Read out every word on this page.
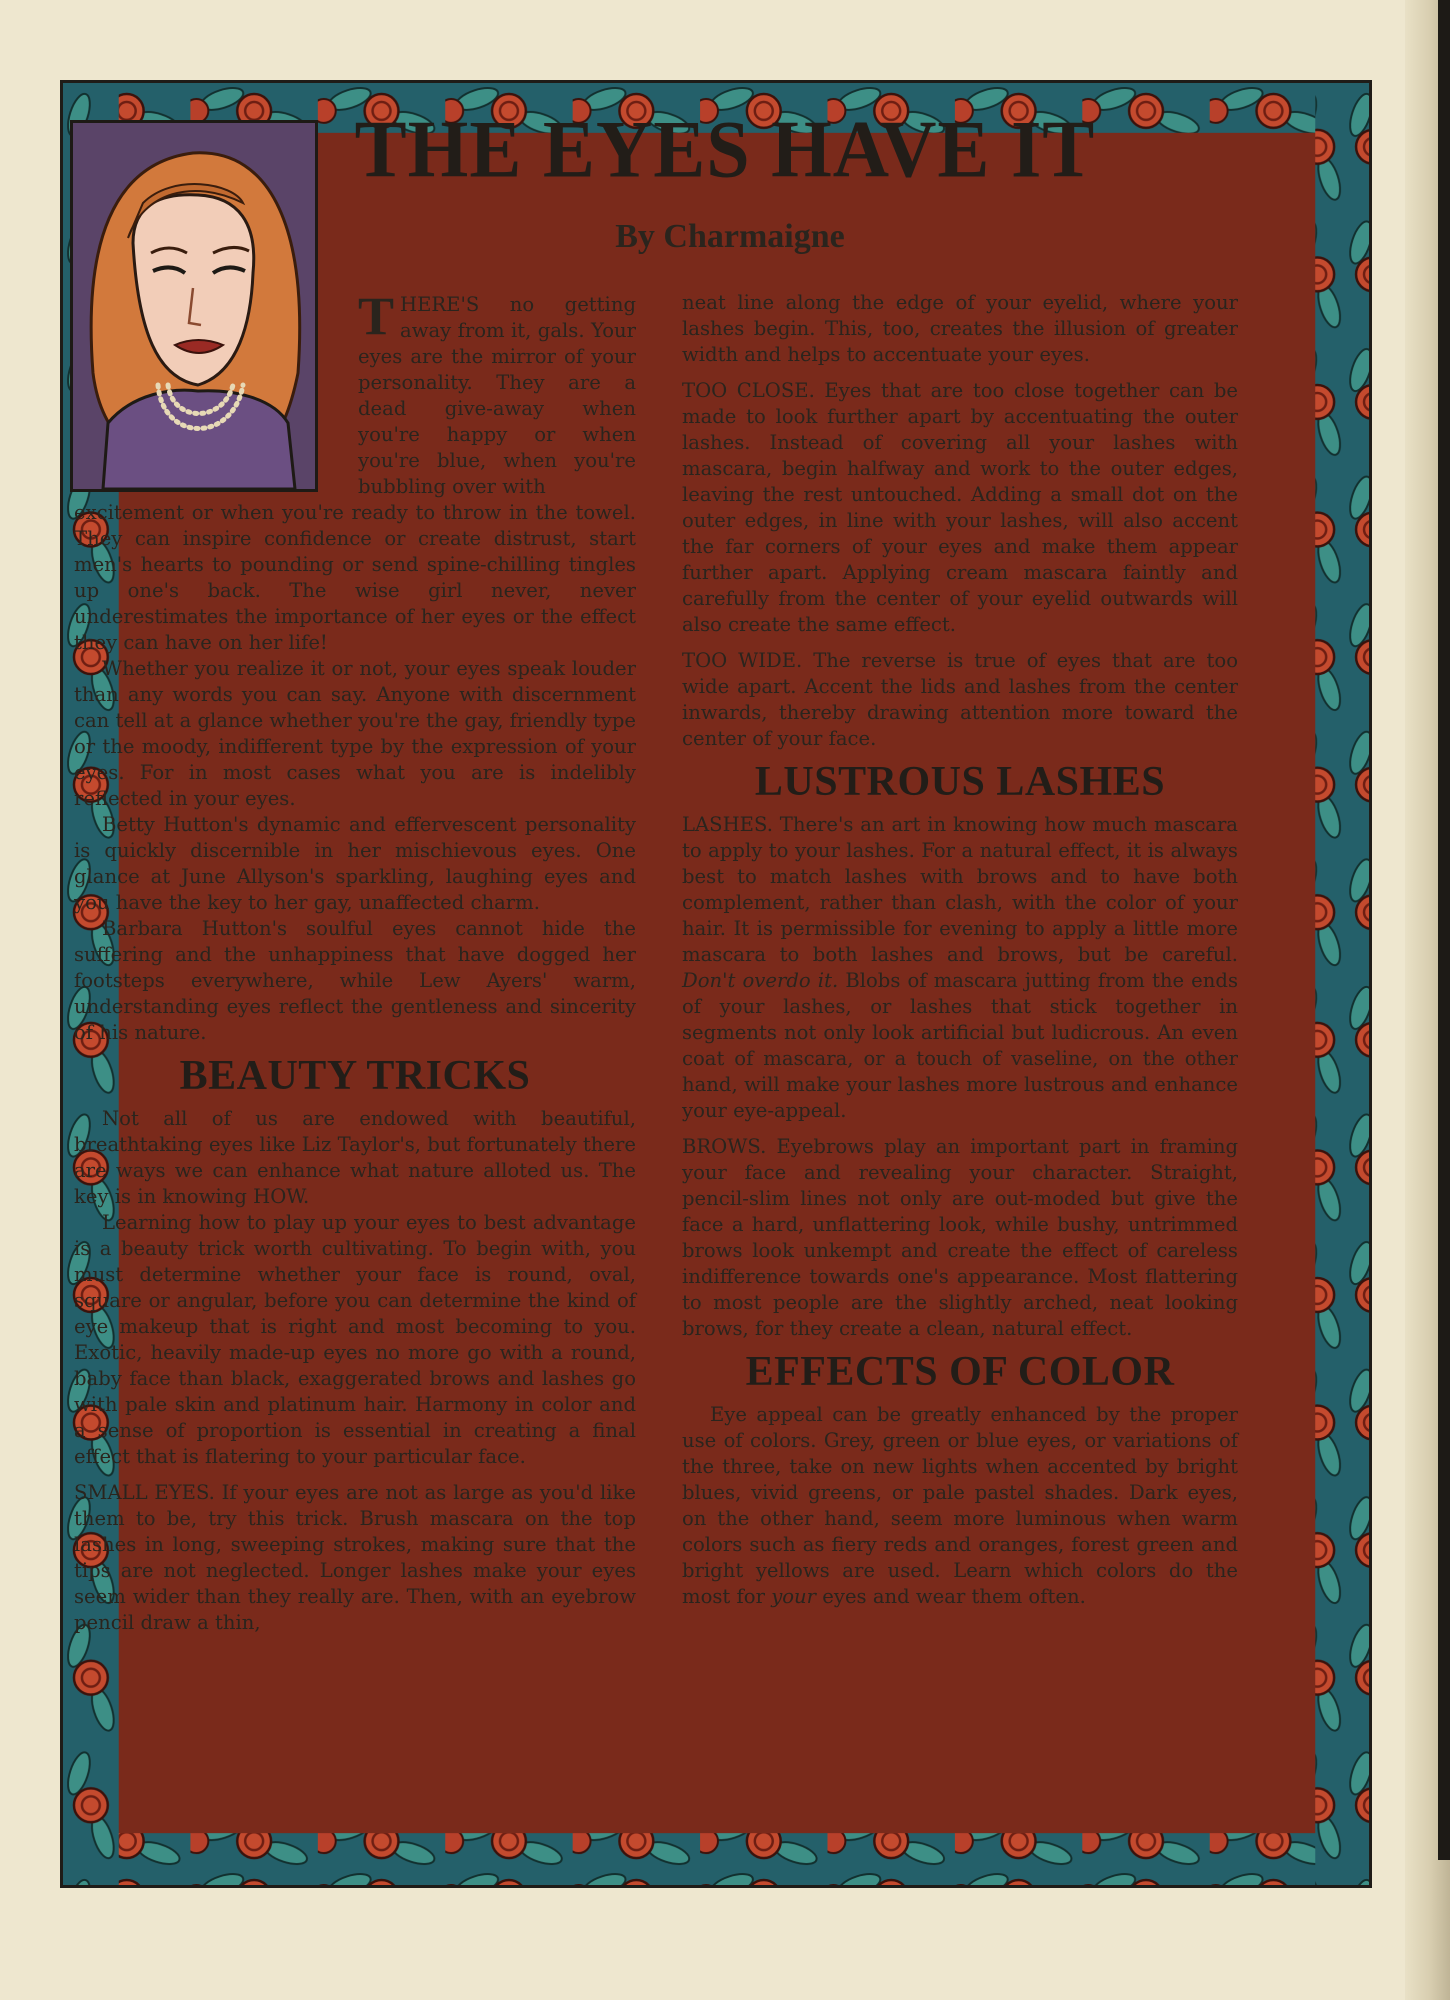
THE EYES HAVE IT
By Charmaigne

THERE'S no getting away from it, gals. Your eyes are the mirror of your personality. They are a dead give-away when you're happy or when you're blue, when you're bubbling over with

excitement or when you're ready to throw in the towel. They can inspire confidence or create distrust, start men's hearts to pounding or send spine-chilling tingles up one's back. The wise girl never, never underestimates the importance of her eyes or the effect they can have on her life!

Whether you realize it or not, your eyes speak louder than any words you can say. Anyone with discernment can tell at a glance whether you're the gay, friendly type or the moody, indifferent type by the expression of your eyes. For in most cases what you are is indelibly reflected in your eyes.

Betty Hutton's dynamic and effervescent personality is quickly discernible in her mischievous eyes. One glance at June Allyson's sparkling, laughing eyes and you have the key to her gay, unaffected charm.

Barbara Hutton's soulful eyes cannot hide the suffering and the unhappiness that have dogged her footsteps everywhere, while Lew Ayers' warm, understanding eyes reflect the gentleness and sincerity of his nature.

BEAUTY TRICKS

Not all of us are endowed with beautiful, breathtaking eyes like Liz Taylor's, but fortunately there are ways we can enhance what nature alloted us. The key is in knowing HOW.

Learning how to play up your eyes to best advantage is a beauty trick worth cultivating. To begin with, you must determine whether your face is round, oval, square or angular, before you can determine the kind of eye makeup that is right and most becoming to you. Exotic, heavily made-up eyes no more go with a round, baby face than black, exaggerated brows and lashes go with pale skin and platinum hair. Harmony in color and a sense of proportion is essential in creating a final effect that is flatering to your particular face.

SMALL EYES. If your eyes are not as large as you'd like them to be, try this trick. Brush mascara on the top lashes in long, sweeping strokes, making sure that the tips are not neglected. Longer lashes make your eyes seem wider than they really are. Then, with an eyebrow pencil draw a thin,

neat line along the edge of your eyelid, where your lashes begin. This, too, creates the illusion of greater width and helps to accentuate your eyes.

TOO CLOSE. Eyes that are too close together can be made to look further apart by accentuating the outer lashes. Instead of covering all your lashes with mascara, begin halfway and work to the outer edges, leaving the rest untouched. Adding a small dot on the outer edges, in line with your lashes, will also accent the far corners of your eyes and make them appear further apart. Applying cream mascara faintly and carefully from the center of your eyelid outwards will also create the same effect.

TOO WIDE. The reverse is true of eyes that are too wide apart. Accent the lids and lashes from the center inwards, thereby drawing attention more toward the center of your face.

LUSTROUS LASHES

LASHES. There's an art in knowing how much mascara to apply to your lashes. For a natural effect, it is always best to match lashes with brows and to have both complement, rather than clash, with the color of your hair. It is permissible for evening to apply a little more mascara to both lashes and brows, but be careful. Don't overdo it. Blobs of mascara jutting from the ends of your lashes, or lashes that stick together in segments not only look artificial but ludicrous. An even coat of mascara, or a touch of vaseline, on the other hand, will make your lashes more lustrous and enhance your eye-appeal.

BROWS. Eyebrows play an important part in framing your face and revealing your character. Straight, pencil-slim lines not only are out-moded but give the face a hard, unflattering look, while bushy, untrimmed brows look unkempt and create the effect of careless indifference towards one's appearance. Most flattering to most people are the slightly arched, neat looking brows, for they create a clean, natural effect.

EFFECTS OF COLOR

Eye appeal can be greatly enhanced by the proper use of colors. Grey, green or blue eyes, or variations of the three, take on new lights when accented by bright blues, vivid greens, or pale pastel shades. Dark eyes, on the other hand, seem more luminous when warm colors such as fiery reds and oranges, forest green and bright yellows are used. Learn which colors do the most for your eyes and wear them often.
